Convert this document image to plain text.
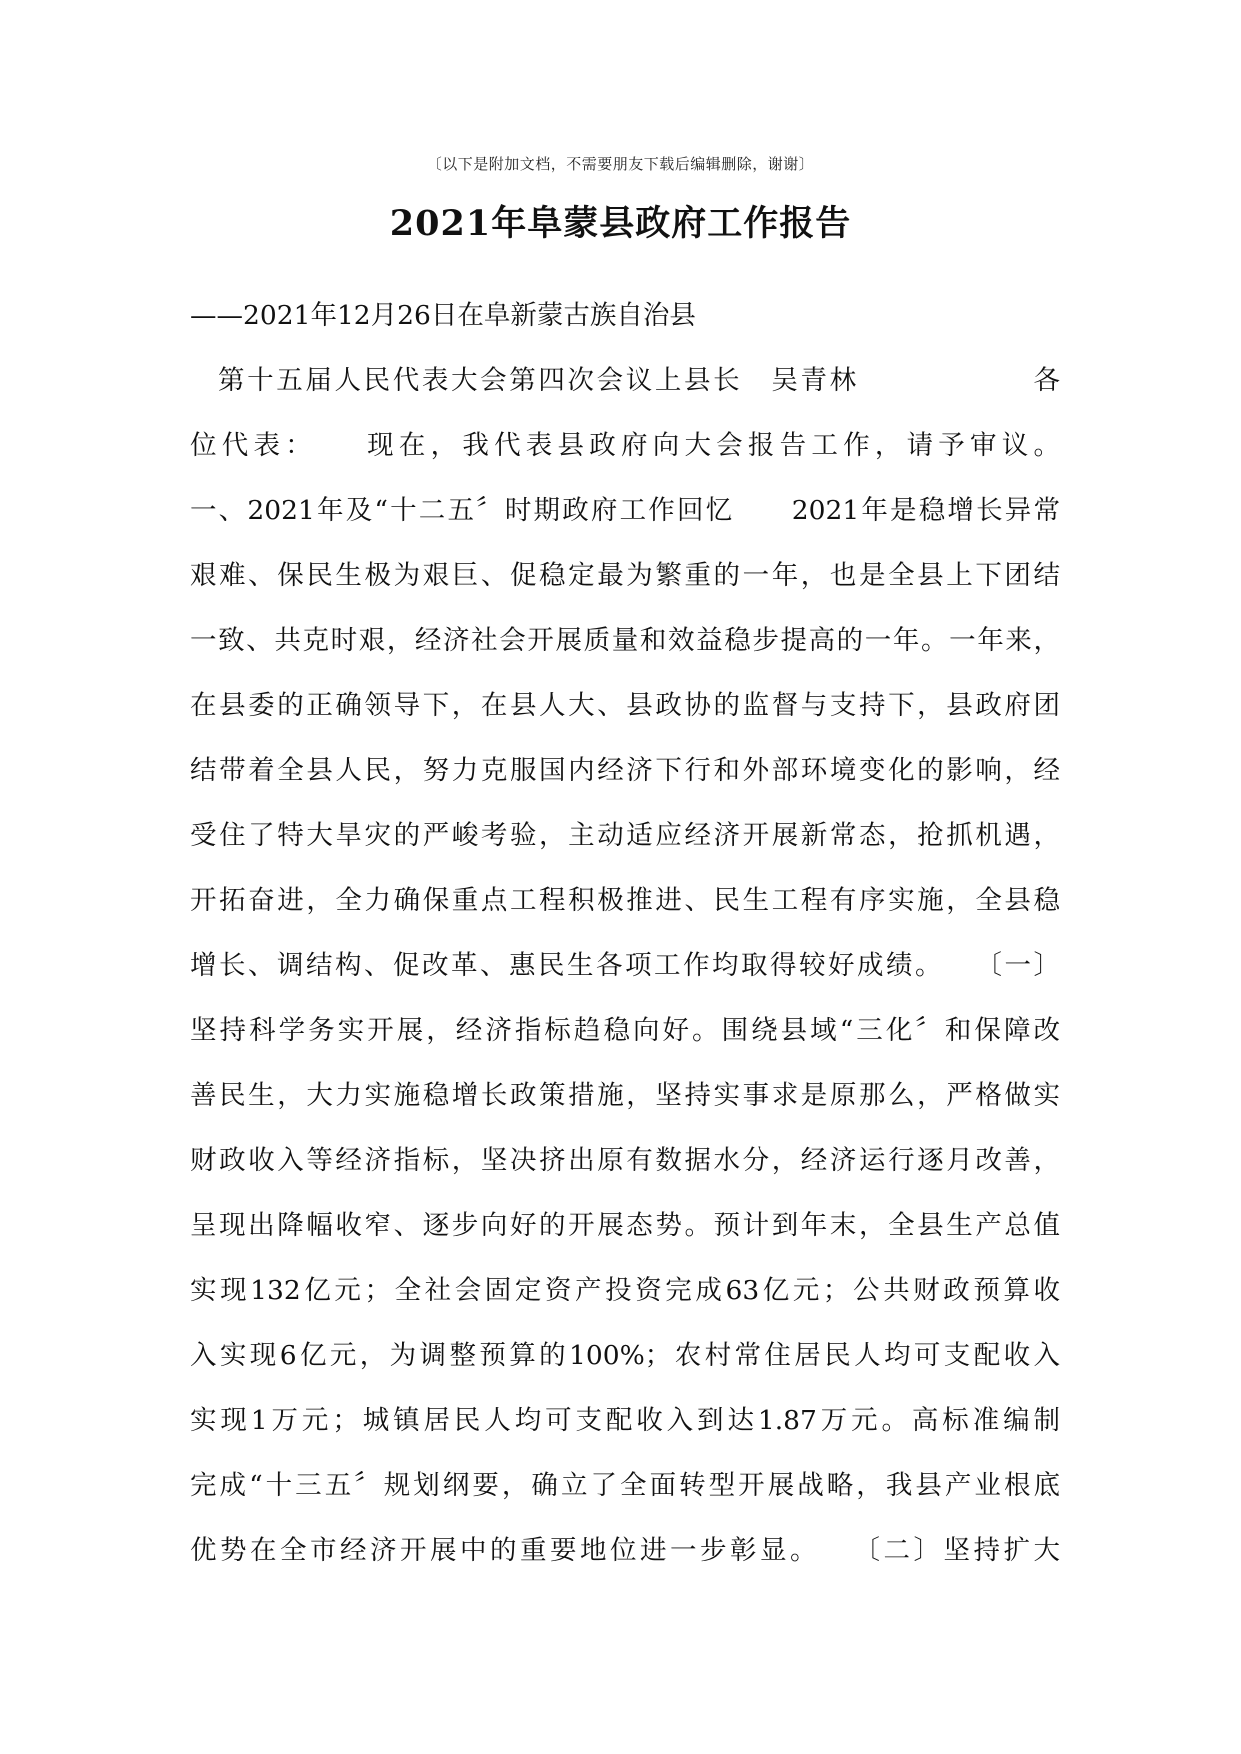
〔以下是附加文档，不需要朋友下载后编辑删除，谢谢〕
2021年阜蒙县政府工作报告
——2021年12月26日在阜新蒙古族自治县
第十五届人民代表大会第四次会议上县长　吴青林　　　　　　各
位代表：　　现在，我代表县政府向大会报告工作，请予审议。
一、2021年及“十二五〞时期政府工作回忆　　2021年是稳增长异常
艰难、保民生极为艰巨、促稳定最为繁重的一年，也是全县上下团结
一致、共克时艰，经济社会开展质量和效益稳步提高的一年。一年来，
在县委的正确领导下，在县人大、县政协的监督与支持下，县政府团
结带着全县人民，努力克服国内经济下行和外部环境变化的影响，经
受住了特大旱灾的严峻考验，主动适应经济开展新常态，抢抓机遇，
开拓奋进，全力确保重点工程积极推进、民生工程有序实施，全县稳
增长、调结构、促改革、惠民生各项工作均取得较好成绩。　　〔一〕
坚持科学务实开展，经济指标趋稳向好。围绕县域“三化〞和保障改
善民生，大力实施稳增长政策措施，坚持实事求是原那么，严格做实
财政收入等经济指标，坚决挤出原有数据水分，经济运行逐月改善，
呈现出降幅收窄、逐步向好的开展态势。预计到年末，全县生产总值
实现132亿元；全社会固定资产投资完成63亿元；公共财政预算收
入实现6亿元，为调整预算的100%；农村常住居民人均可支配收入
实现1万元；城镇居民人均可支配收入到达1.87万元。高标准编制
完成“十三五〞规划纲要，确立了全面转型开展战略，我县产业根底
优势在全市经济开展中的重要地位进一步彰显。　　〔二〕坚持扩大
